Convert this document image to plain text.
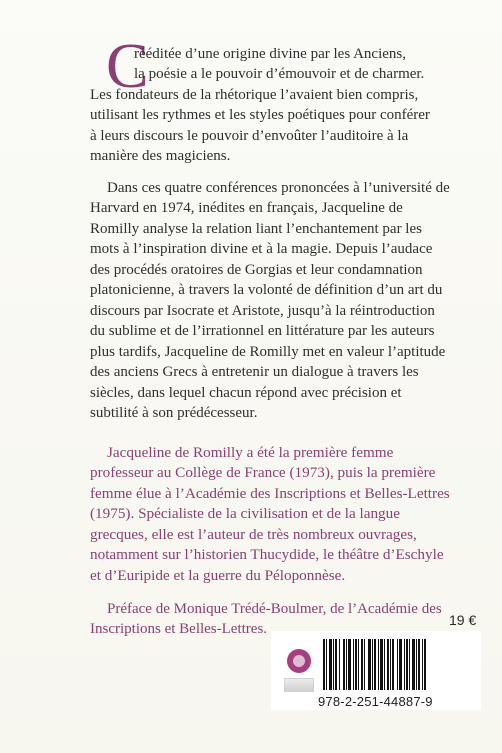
C
rééditée d’une origine divine par les Anciens,
la poésie a le pouvoir d’émouvoir et de charmer.
Les fondateurs de la rhétorique l’avaient bien compris,
utilisant les rythmes et les styles poétiques pour conférer
à leurs discours le pouvoir d’envoûter l’auditoire à la
manière des magiciens.
Dans ces quatre conférences prononcées à l’université de
Harvard en 1974, inédites en français, Jacqueline de
Romilly analyse la relation liant l’enchantement par les
mots à l’inspiration divine et à la magie. Depuis l’audace
des procédés oratoires de Gorgias et leur condamnation
platonicienne, à travers la volonté de définition d’un art du
discours par Isocrate et Aristote, jusqu’à la réintroduction
du sublime et de l’irrationnel en littérature par les auteurs
plus tardifs, Jacqueline de Romilly met en valeur l’aptitude
des anciens Grecs à entretenir un dialogue à travers les
siècles, dans lequel chacun répond avec précision et
subtilité à son prédécesseur.
Jacqueline de Romilly a été la première femme
professeur au Collège de France (1973), puis la première
femme élue à l’Académie des Inscriptions et Belles-Lettres
(1975). Spécialiste de la civilisation et de la langue
grecques, elle est l’auteur de très nombreux ouvrages,
notamment sur l’historien Thucydide, le théâtre d’Eschyle
et d’Euripide et la guerre du Péloponnèse.
Préface de Monique Trédé-Boulmer, de l’Académie des
Inscriptions et Belles-Lettres.
19 €
978-2-251-44887-9
